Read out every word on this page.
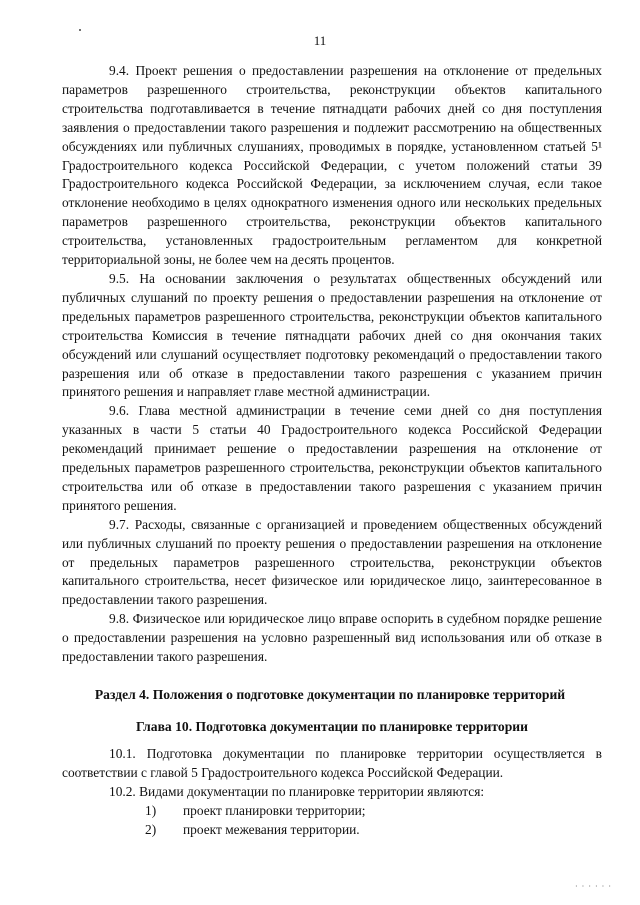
11

9.4. Проект решения о предоставлении разрешения на отклонение от предельных параметров разрешенного строительства, реконструкции объектов капитального строительства подготавливается в течение пятнадцати рабочих дней со дня поступления заявления о предоставлении такого разрешения и подлежит рассмотрению на общественных обсуждениях или публичных слушаниях, проводимых в порядке, установленном статьей 5¹ Градостроительного кодекса Российской Федерации, с учетом положений статьи 39 Градостроительного кодекса Российской Федерации, за исключением случая, если такое отклонение необходимо в целях однократного изменения одного или нескольких предельных параметров разрешенного строительства, реконструкции объектов капитального строительства, установленных градостроительным регламентом для конкретной территориальной зоны, не более чем на десять процентов.

9.5. На основании заключения о результатах общественных обсуждений или публичных слушаний по проекту решения о предоставлении разрешения на отклонение от предельных параметров разрешенного строительства, реконструкции объектов капитального строительства Комиссия в течение пятнадцати рабочих дней со дня окончания таких обсуждений или слушаний осуществляет подготовку рекомендаций о предоставлении такого разрешения или об отказе в предоставлении такого разрешения с указанием причин принятого решения и направляет главе местной администрации.

9.6. Глава местной администрации в течение семи дней со дня поступления указанных в части 5 статьи 40 Градостроительного кодекса Российской Федерации рекомендаций принимает решение о предоставлении разрешения на отклонение от предельных параметров разрешенного строительства, реконструкции объектов капитального строительства или об отказе в предоставлении такого разрешения с указанием причин принятого решения.

9.7. Расходы, связанные с организацией и проведением общественных обсуждений или публичных слушаний по проекту решения о предоставлении разрешения на отклонение от предельных параметров разрешенного строительства, реконструкции объектов капитального строительства, несет физическое или юридическое лицо, заинтересованное в предоставлении такого разрешения.

9.8. Физическое или юридическое лицо вправе оспорить в судебном порядке решение о предоставлении разрешения на условно разрешенный вид использования или об отказе в предоставлении такого разрешения.

Раздел 4. Положения о подготовке документации по планировке территорий

Глава 10. Подготовка документации по планировке территории

10.1. Подготовка документации по планировке территории осуществляется в соответствии с главой 5 Градостроительного кодекса Российской Федерации.

10.2. Видами документации по планировке территории являются:

1) проект планировки территории;

2) проект межевания территории.

· · · · · ·
